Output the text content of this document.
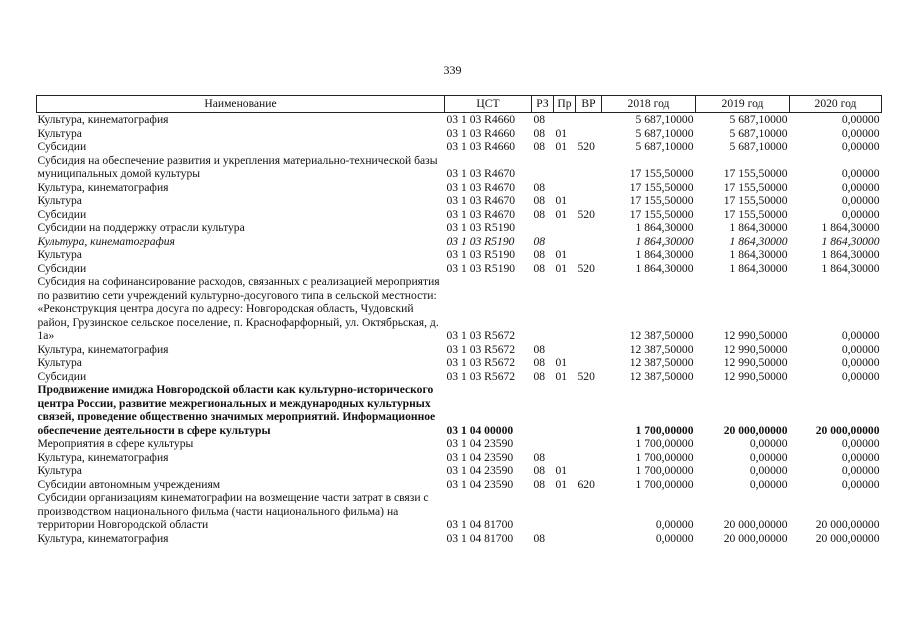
339
Наименование	ЦСТ	РЗ	Пр	ВР	2018 год	2019 год	2020 год
Культура, кинематография	03 1 03 R4660	08			5 687,10000	5 687,10000	0,00000
Культура	03 1 03 R4660	08	01		5 687,10000	5 687,10000	0,00000
Субсидии	03 1 03 R4660	08	01	520	5 687,10000	5 687,10000	0,00000
Субсидия на обеспечение развития и укрепления материально-технической базы муниципальных домой культуры	03 1 03 R4670				17 155,50000	17 155,50000	0,00000
Культура, кинематография	03 1 03 R4670	08			17 155,50000	17 155,50000	0,00000
Культура	03 1 03 R4670	08	01		17 155,50000	17 155,50000	0,00000
Субсидии	03 1 03 R4670	08	01	520	17 155,50000	17 155,50000	0,00000
Субсидии на поддержку отрасли культура	03 1 03 R5190				1 864,30000	1 864,30000	1 864,30000
Культура, кинематография	03 1 03 R5190	08			1 864,30000	1 864,30000	1 864,30000
Культура	03 1 03 R5190	08	01		1 864,30000	1 864,30000	1 864,30000
Субсидии	03 1 03 R5190	08	01	520	1 864,30000	1 864,30000	1 864,30000
Субсидия на софинансирование расходов, связанных с реализацией мероприятия по развитию сети учреждений культурно-досугового типа в сельской местности: «Реконструкция центра досуга по адресу: Новгородская область, Чудовский район, Грузинское сельское поселение, п. Краснофарфорный, ул. Октябрьская, д. 1а»	03 1 03 R5672				12 387,50000	12 990,50000	0,00000
Культура, кинематография	03 1 03 R5672	08			12 387,50000	12 990,50000	0,00000
Культура	03 1 03 R5672	08	01		12 387,50000	12 990,50000	0,00000
Субсидии	03 1 03 R5672	08	01	520	12 387,50000	12 990,50000	0,00000
Продвижение имиджа Новгородской области как культурно-исторического центра России, развитие межрегиональных и международных культурных связей, проведение общественно значимых мероприятий. Информационное обеспечение деятельности в сфере культуры	03 1 04 00000				1 700,00000	20 000,00000	20 000,00000
Мероприятия в сфере культуры	03 1 04 23590				1 700,00000	0,00000	0,00000
Культура, кинематография	03 1 04 23590	08			1 700,00000	0,00000	0,00000
Культура	03 1 04 23590	08	01		1 700,00000	0,00000	0,00000
Субсидии автономным учреждениям	03 1 04 23590	08	01	620	1 700,00000	0,00000	0,00000
Субсидии организациям кинематографии на возмещение части затрат в связи с производством национального фильма (части национального фильма) на территории Новгородской области	03 1 04 81700				0,00000	20 000,00000	20 000,00000
Культура, кинематография	03 1 04 81700	08			0,00000	20 000,00000	20 000,00000
